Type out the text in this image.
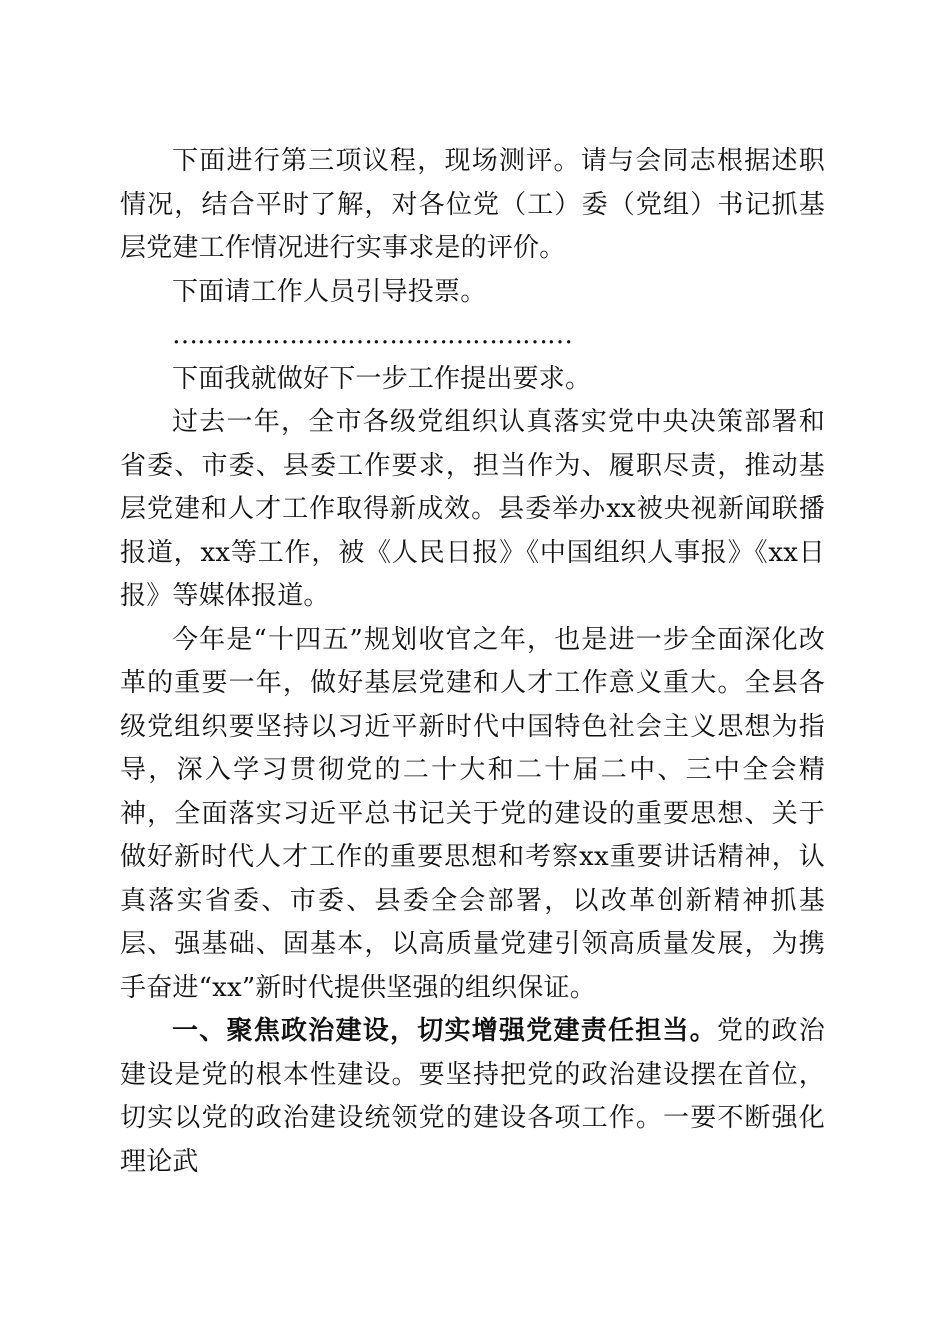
下面进行第三项议程，现场测评。请与会同志根据述职情况，结合平时了解，对各位党（工）委（党组）书记抓基层党建工作情况进行实事求是的评价。

下面请工作人员引导投票。

…………………………………………

下面我就做好下一步工作提出要求。

过去一年，全市各级党组织认真落实党中央决策部署和省委、市委、县委工作要求，担当作为、履职尽责，推动基层党建和人才工作取得新成效。县委举办xx被央视新闻联播报道，xx等工作，被《人民日报》《中国组织人事报》《xx日报》等媒体报道。

今年是“十四五”规划收官之年，也是进一步全面深化改革的重要一年，做好基层党建和人才工作意义重大。全县各级党组织要坚持以习近平新时代中国特色社会主义思想为指导，深入学习贯彻党的二十大和二十届二中、三中全会精神，全面落实习近平总书记关于党的建设的重要思想、关于做好新时代人才工作的重要思想和考察xx重要讲话精神，认真落实省委、市委、县委全会部署，以改革创新精神抓基层、强基础、固基本，以高质量党建引领高质量发展，为携手奋进“xx”新时代提供坚强的组织保证。

一、聚焦政治建设，切实增强党建责任担当。党的政治建设是党的根本性建设。要坚持把党的政治建设摆在首位，切实以党的政治建设统领党的建设各项工作。一要不断强化理论武
